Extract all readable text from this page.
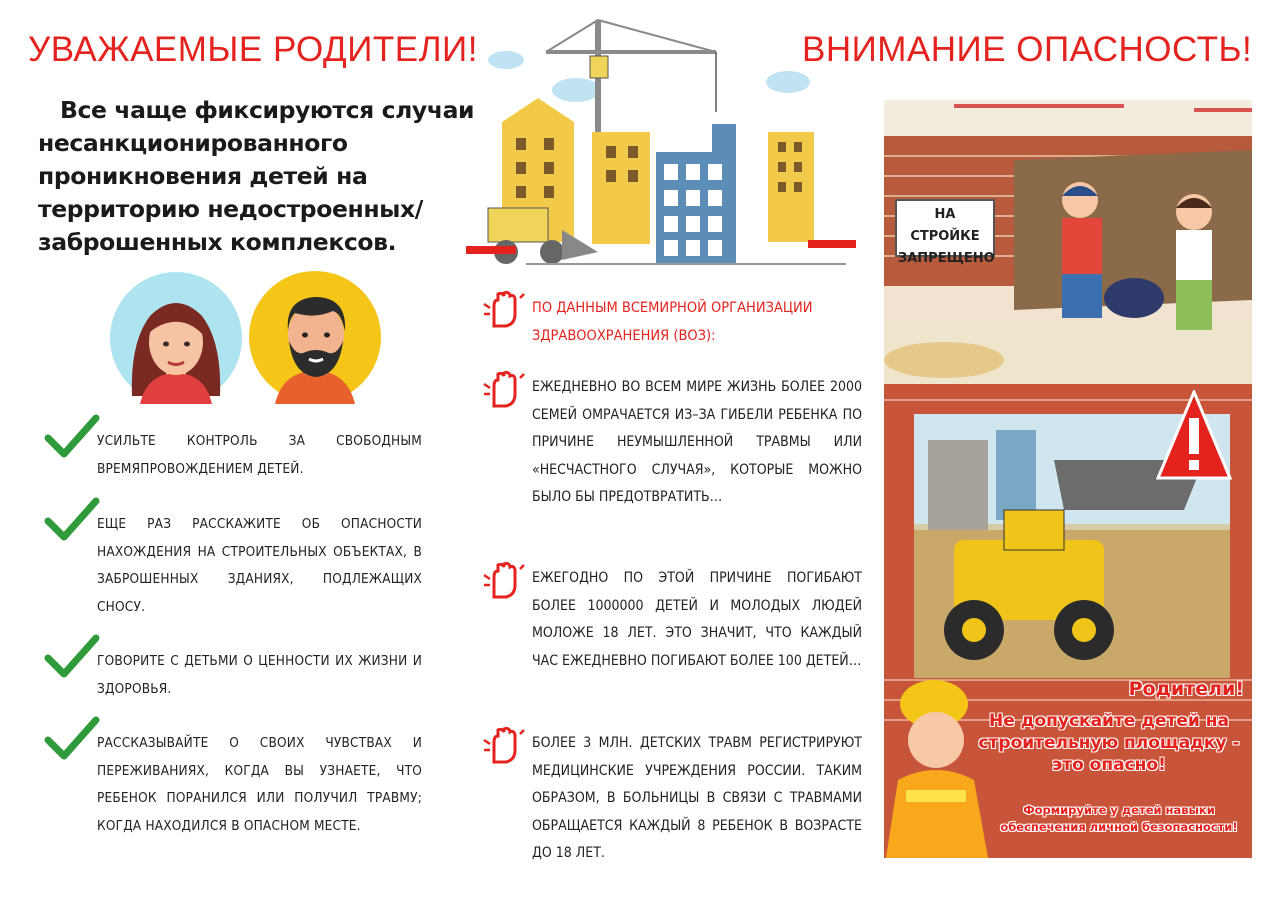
УВАЖАЕМЫЕ РОДИТЕЛИ!	ВНИМАНИЕ ОПАСНОСТЬ!
Все чаще фиксируются случаи несанкционированного проникновения детей на территорию недостроенных/ заброшенных комплексов.
УСИЛЬТЕ КОНТРОЛЬ ЗА СВОБОДНЫМ ВРЕМЯПРОВОЖДЕНИЕМ ДЕТЕЙ.
ЕЩЕ РАЗ РАССКАЖИТЕ ОБ ОПАСНОСТИ НАХОЖДЕНИЯ НА СТРОИТЕЛЬНЫХ ОБЪЕКТАХ, В ЗАБРОШЕННЫХ ЗДАНИЯХ, ПОДЛЕЖАЩИХ СНОСУ.
ГОВОРИТЕ С ДЕТЬМИ О ЦЕННОСТИ ИХ ЖИЗНИ И ЗДОРОВЬЯ.
РАССКАЗЫВАЙТЕ О СВОИХ ЧУВСТВАХ И ПЕРЕЖИВАНИЯХ, КОГДА ВЫ УЗНАЕТЕ, ЧТО РЕБЕНОК ПОРАНИЛСЯ ИЛИ ПОЛУЧИЛ ТРАВМУ; КОГДА НАХОДИЛСЯ В ОПАСНОМ МЕСТЕ.
ПО ДАННЫМ ВСЕМИРНОЙ ОРГАНИЗАЦИИ ЗДРАВООХРАНЕНИЯ (ВОЗ):
ЕЖЕДНЕВНО ВО ВСЕМ МИРЕ ЖИЗНЬ БОЛЕЕ 2000 СЕМЕЙ ОМРАЧАЕТСЯ ИЗ–ЗА ГИБЕЛИ РЕБЕНКА ПО ПРИЧИНЕ НЕУМЫШЛЕННОЙ ТРАВМЫ ИЛИ «НЕСЧАСТНОГО СЛУЧАЯ», КОТОРЫЕ МОЖНО БЫЛО БЫ ПРЕДОТВРАТИТЬ…
ЕЖЕГОДНО ПО ЭТОЙ ПРИЧИНЕ ПОГИБАЮТ БОЛЕЕ 1000000 ДЕТЕЙ И МОЛОДЫХ ЛЮДЕЙ МОЛОЖЕ 18 ЛЕТ. ЭТО ЗНАЧИТ, ЧТО КАЖДЫЙ ЧАС ЕЖЕДНЕВНО ПОГИБАЮТ БОЛЕЕ 100 ДЕТЕЙ…
БОЛЕЕ 3 МЛН. ДЕТСКИХ ТРАВМ РЕГИСТРИРУЮТ МЕДИЦИНСКИЕ УЧРЕЖДЕНИЯ РОССИИ. ТАКИМ ОБРАЗОМ, В БОЛЬНИЦЫ В СВЯЗИ С ТРАВМАМИ ОБРАЩАЕТСЯ КАЖДЫЙ 8 РЕБЕНОК В ВОЗРАСТЕ ДО 18 ЛЕТ.
НА СТРОЙКЕ ЗАПРЕЩЕНО
Родители!
Не допускайте детей на строительную площадку - это опасно!
Формируйте у детей навыки обеспечения личной безопасности!
